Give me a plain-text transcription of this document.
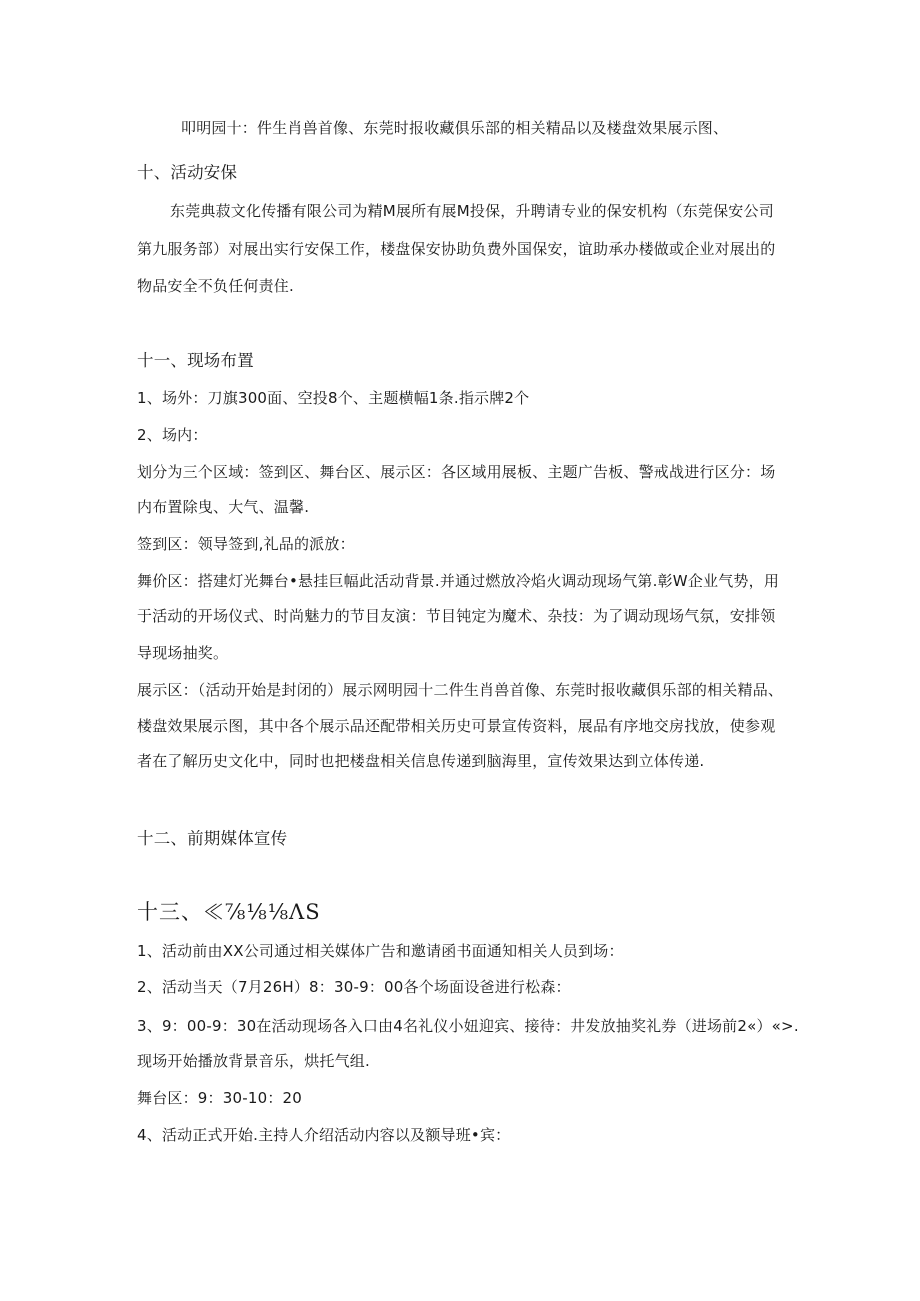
叩明园十：件生肖兽首像、东莞时报收藏俱乐部的相关精品以及楼盘效果展示图、
十、活动安保
东莞典菽文化传播有限公司为精M展所有展M投保，升聘请专业的保安机构（东莞保安公司
第九服务部）对展出实行安保工作，楼盘保安协助负费外国保安，谊助承办楼做或企业对展出的
物品安全不负任何责住.
十一、现场布置
1、场外：刀旗300面、空投8个、主题横幅1条.指示牌2个
2、场内：
划分为三个区域：签到区、舞台区、展示区：各区域用展板、主题广告板、警戒战进行区分：场
内布置除曳、大气、温馨.
签到区：领导签到,礼品的派放：
舞价区：搭建灯光舞台•悬挂巨幅此活动背景.并通过燃放冷焰火调动现场气第.彰W企业气势，用
于活动的开场仪式、时尚魅力的节目友演：节目钝定为魔术、杂技：为了调动现场气氛，安排领
导现场抽奖。
展示区：（活动开始是封闭的）展示网明园十二件生肖兽首像、东莞时报收藏俱乐部的相关精品、
楼盘效果展示图，其中各个展示品还配带相关历史可景宣传资料，展品有序地交房找放，使参观
者在了解历史文化中，同时也把楼盘相关信息传递到脑海里，宣传效果达到立体传递.
十二、前期媒体宣传
十三、≪⅞⅛⅛ΛS
1、活动前由XX公司通过相关媒体广告和邀请函书面通知相关人员到场：
2、活动当天（7月26H）8：30-9：00各个场面设爸进行松森：
3、9：00-9：30在活动现场各入口由4名礼仪小妞迎宾、接待：井发放抽奖礼券（进场前2«）«>.
现场开始播放背景音乐，烘托气组.
舞台区：9：30-10：20
4、活动正式开始.主持人介绍活动内容以及额导班•宾：
